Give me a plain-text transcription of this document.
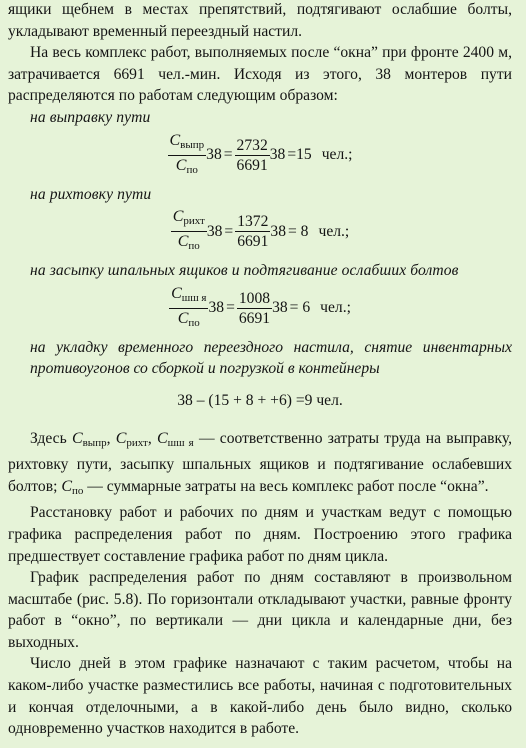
ящики щебнем в местах препятствий, подтягивают ослабшие болты, укладывают временный переездный настил.

На весь комплекс работ, выполняемых после “окна” при фронте 2400 м, затрачивается 6691 чел.-мин. Исходя из этого, 38 монтеров пути распределяются по работам следующим образом:

на выправку пути

$\frac{C_{выпр}}{C_{по}} 38 = \frac{2732}{6691} 38 =15$ чел.;

на рихтовку пути

$\frac{C_{рихт}}{C_{по}} 38 = \frac{1372}{6691} 38 = 8$ чел.;

на засыпку шпальных ящиков и подтягивание ослабших болтов

$\frac{C_{шш я}}{C_{по}} 38 = \frac{1008}{6691} 38 = 6$ чел.;

на укладку временного переездного настила, снятие инвентарных противоугонов со сборкой и погрузкой в контейнеры

38 – (15 + 8 + +6) =9 чел.

Здесь $C_{выпр}$, $C_{рихт}$, $C_{шш я}$ — соответственно затраты труда на выправку, рихтовку пути, засыпку шпальных ящиков и подтягивание ослабевших болтов; $C_{по}$ — суммарные затраты на весь комплекс работ после “окна”.

Расстановку работ и рабочих по дням и участкам ведут с помощью графика распределения работ по дням. Построению этого графика предшествует составление графика работ по дням цикла.

График распределения работ по дням составляют в произвольном масштабе (рис. 5.8). По горизонтали откладывают участки, равные фронту работ в “окно”, по вертикали — дни цикла и календарные дни, без выходных.

Число дней в этом графике назначают с таким расчетом, чтобы на каком-либо участке разместились все работы, начиная с подготовительных и кончая отделочными, а в какой-либо день было видно, сколько одновременно участков находится в работе.
